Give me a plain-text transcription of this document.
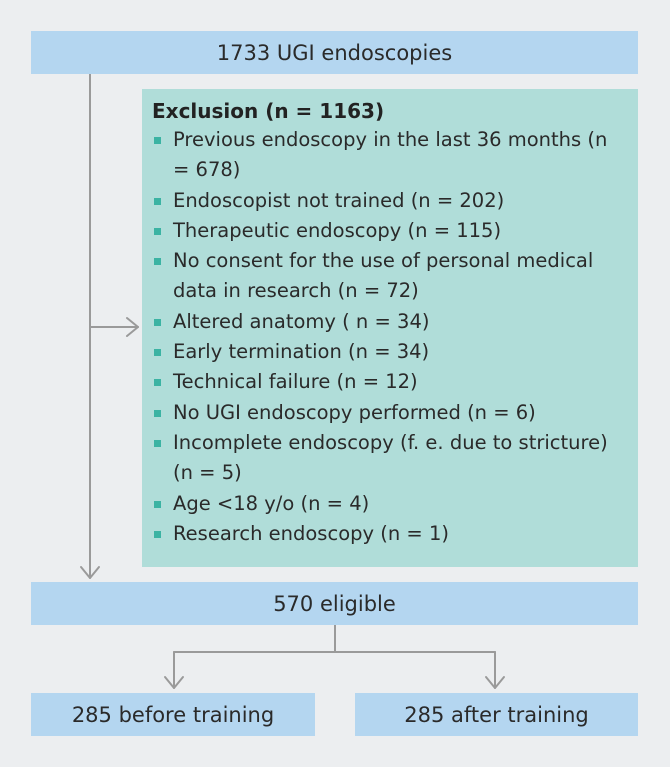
1733 UGI endoscopies
Exclusion (n = 1163)
Previous endoscopy in the last 36 months (n = 678)
Endoscopist not trained (n = 202)
Therapeutic endoscopy (n = 115)
No consent for the use of personal medical data in research (n = 72)
Altered anatomy ( n = 34)
Early termination (n = 34)
Technical failure (n = 12)
No UGI endoscopy performed (n = 6)
Incomplete endoscopy (f. e. due to stricture) (n = 5)
Age <18 y/o (n = 4)
Research endoscopy (n = 1)
570 eligible
285 before training	285 after training
